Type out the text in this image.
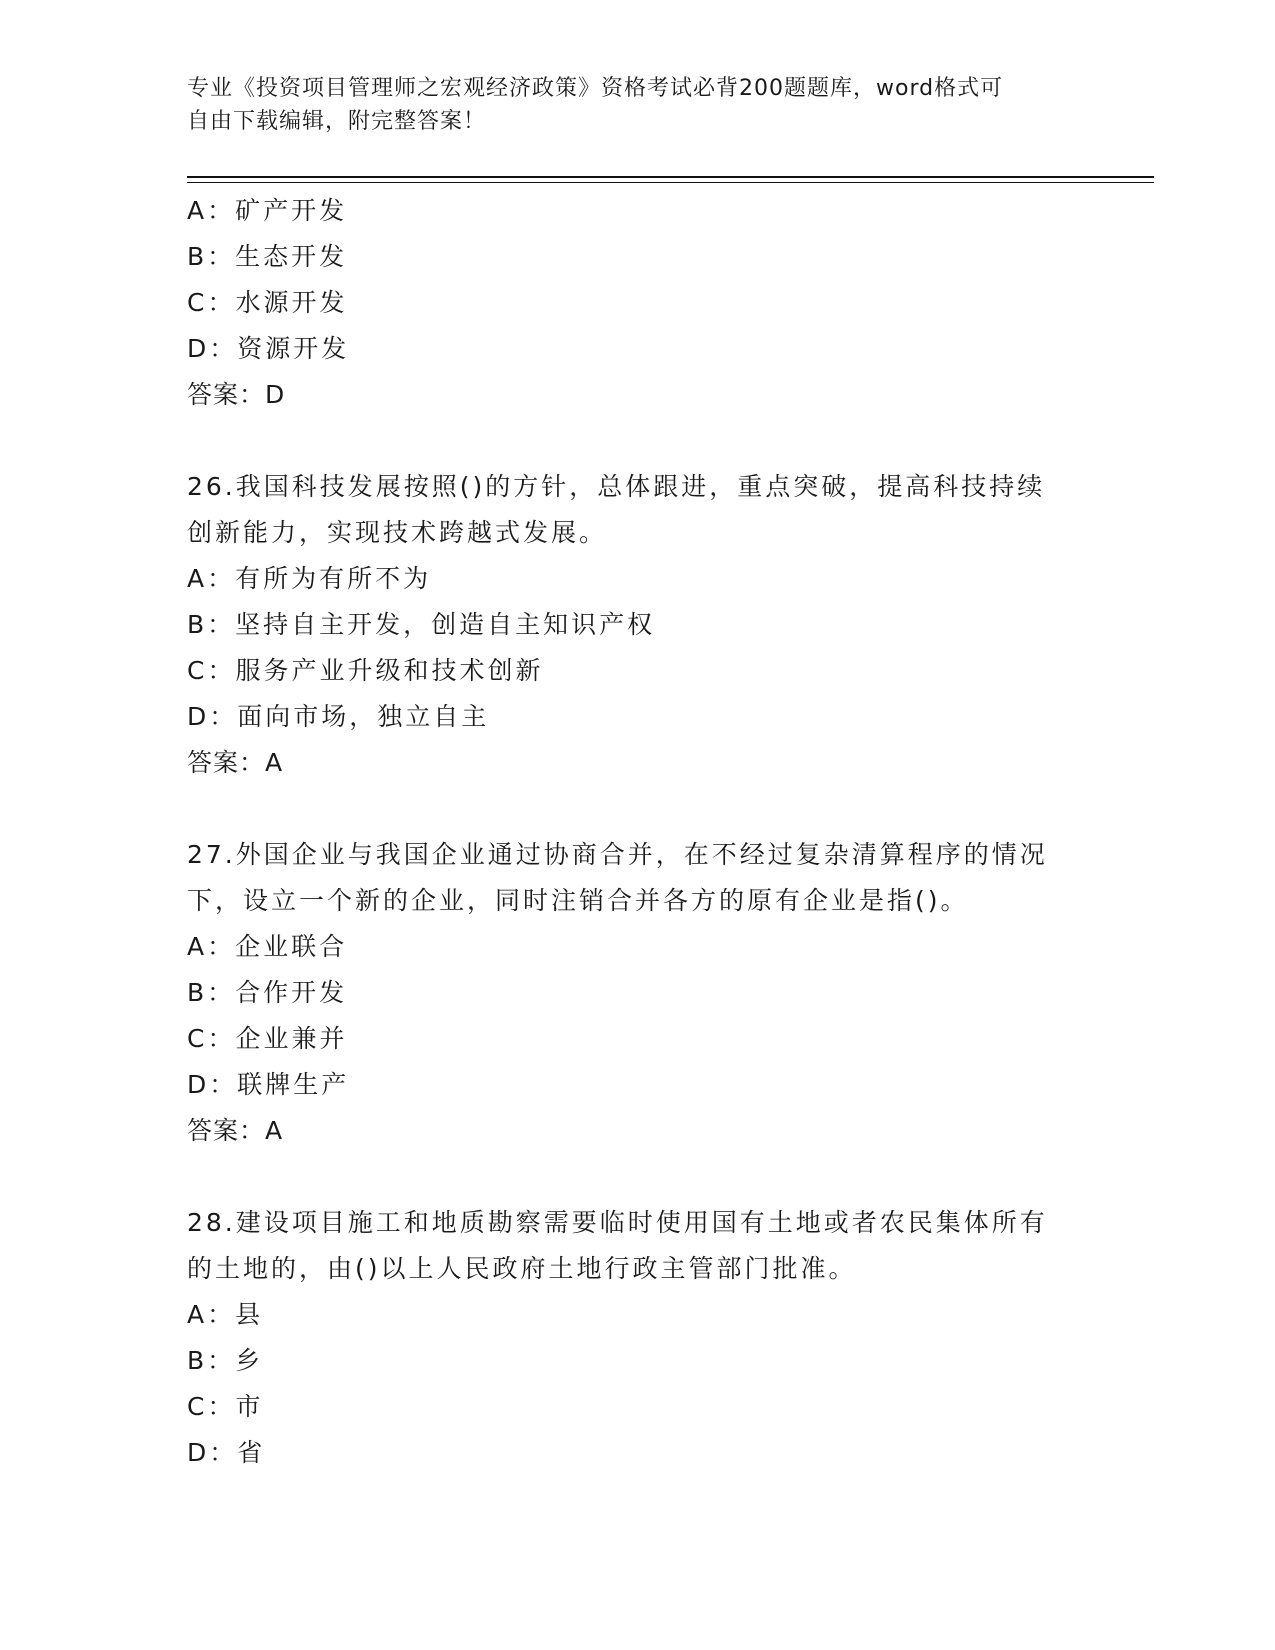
专业《投资项目管理师之宏观经济政策》资格考试必背200题题库，word格式可
自由下载编辑，附完整答案！
A：矿产开发
B：生态开发
C：水源开发
D：资源开发
答案：D
26.我国科技发展按照()的方针，总体跟进，重点突破，提高科技持续
创新能力，实现技术跨越式发展。
A：有所为有所不为
B：坚持自主开发，创造自主知识产权
C：服务产业升级和技术创新
D：面向市场，独立自主
答案：A
27.外国企业与我国企业通过协商合并，在不经过复杂清算程序的情况
下，设立一个新的企业，同时注销合并各方的原有企业是指()。
A：企业联合
B：合作开发
C：企业兼并
D：联牌生产
答案：A
28.建设项目施工和地质勘察需要临时使用国有土地或者农民集体所有
的土地的，由()以上人民政府土地行政主管部门批准。
A：县
B：乡
C：市
D：省
